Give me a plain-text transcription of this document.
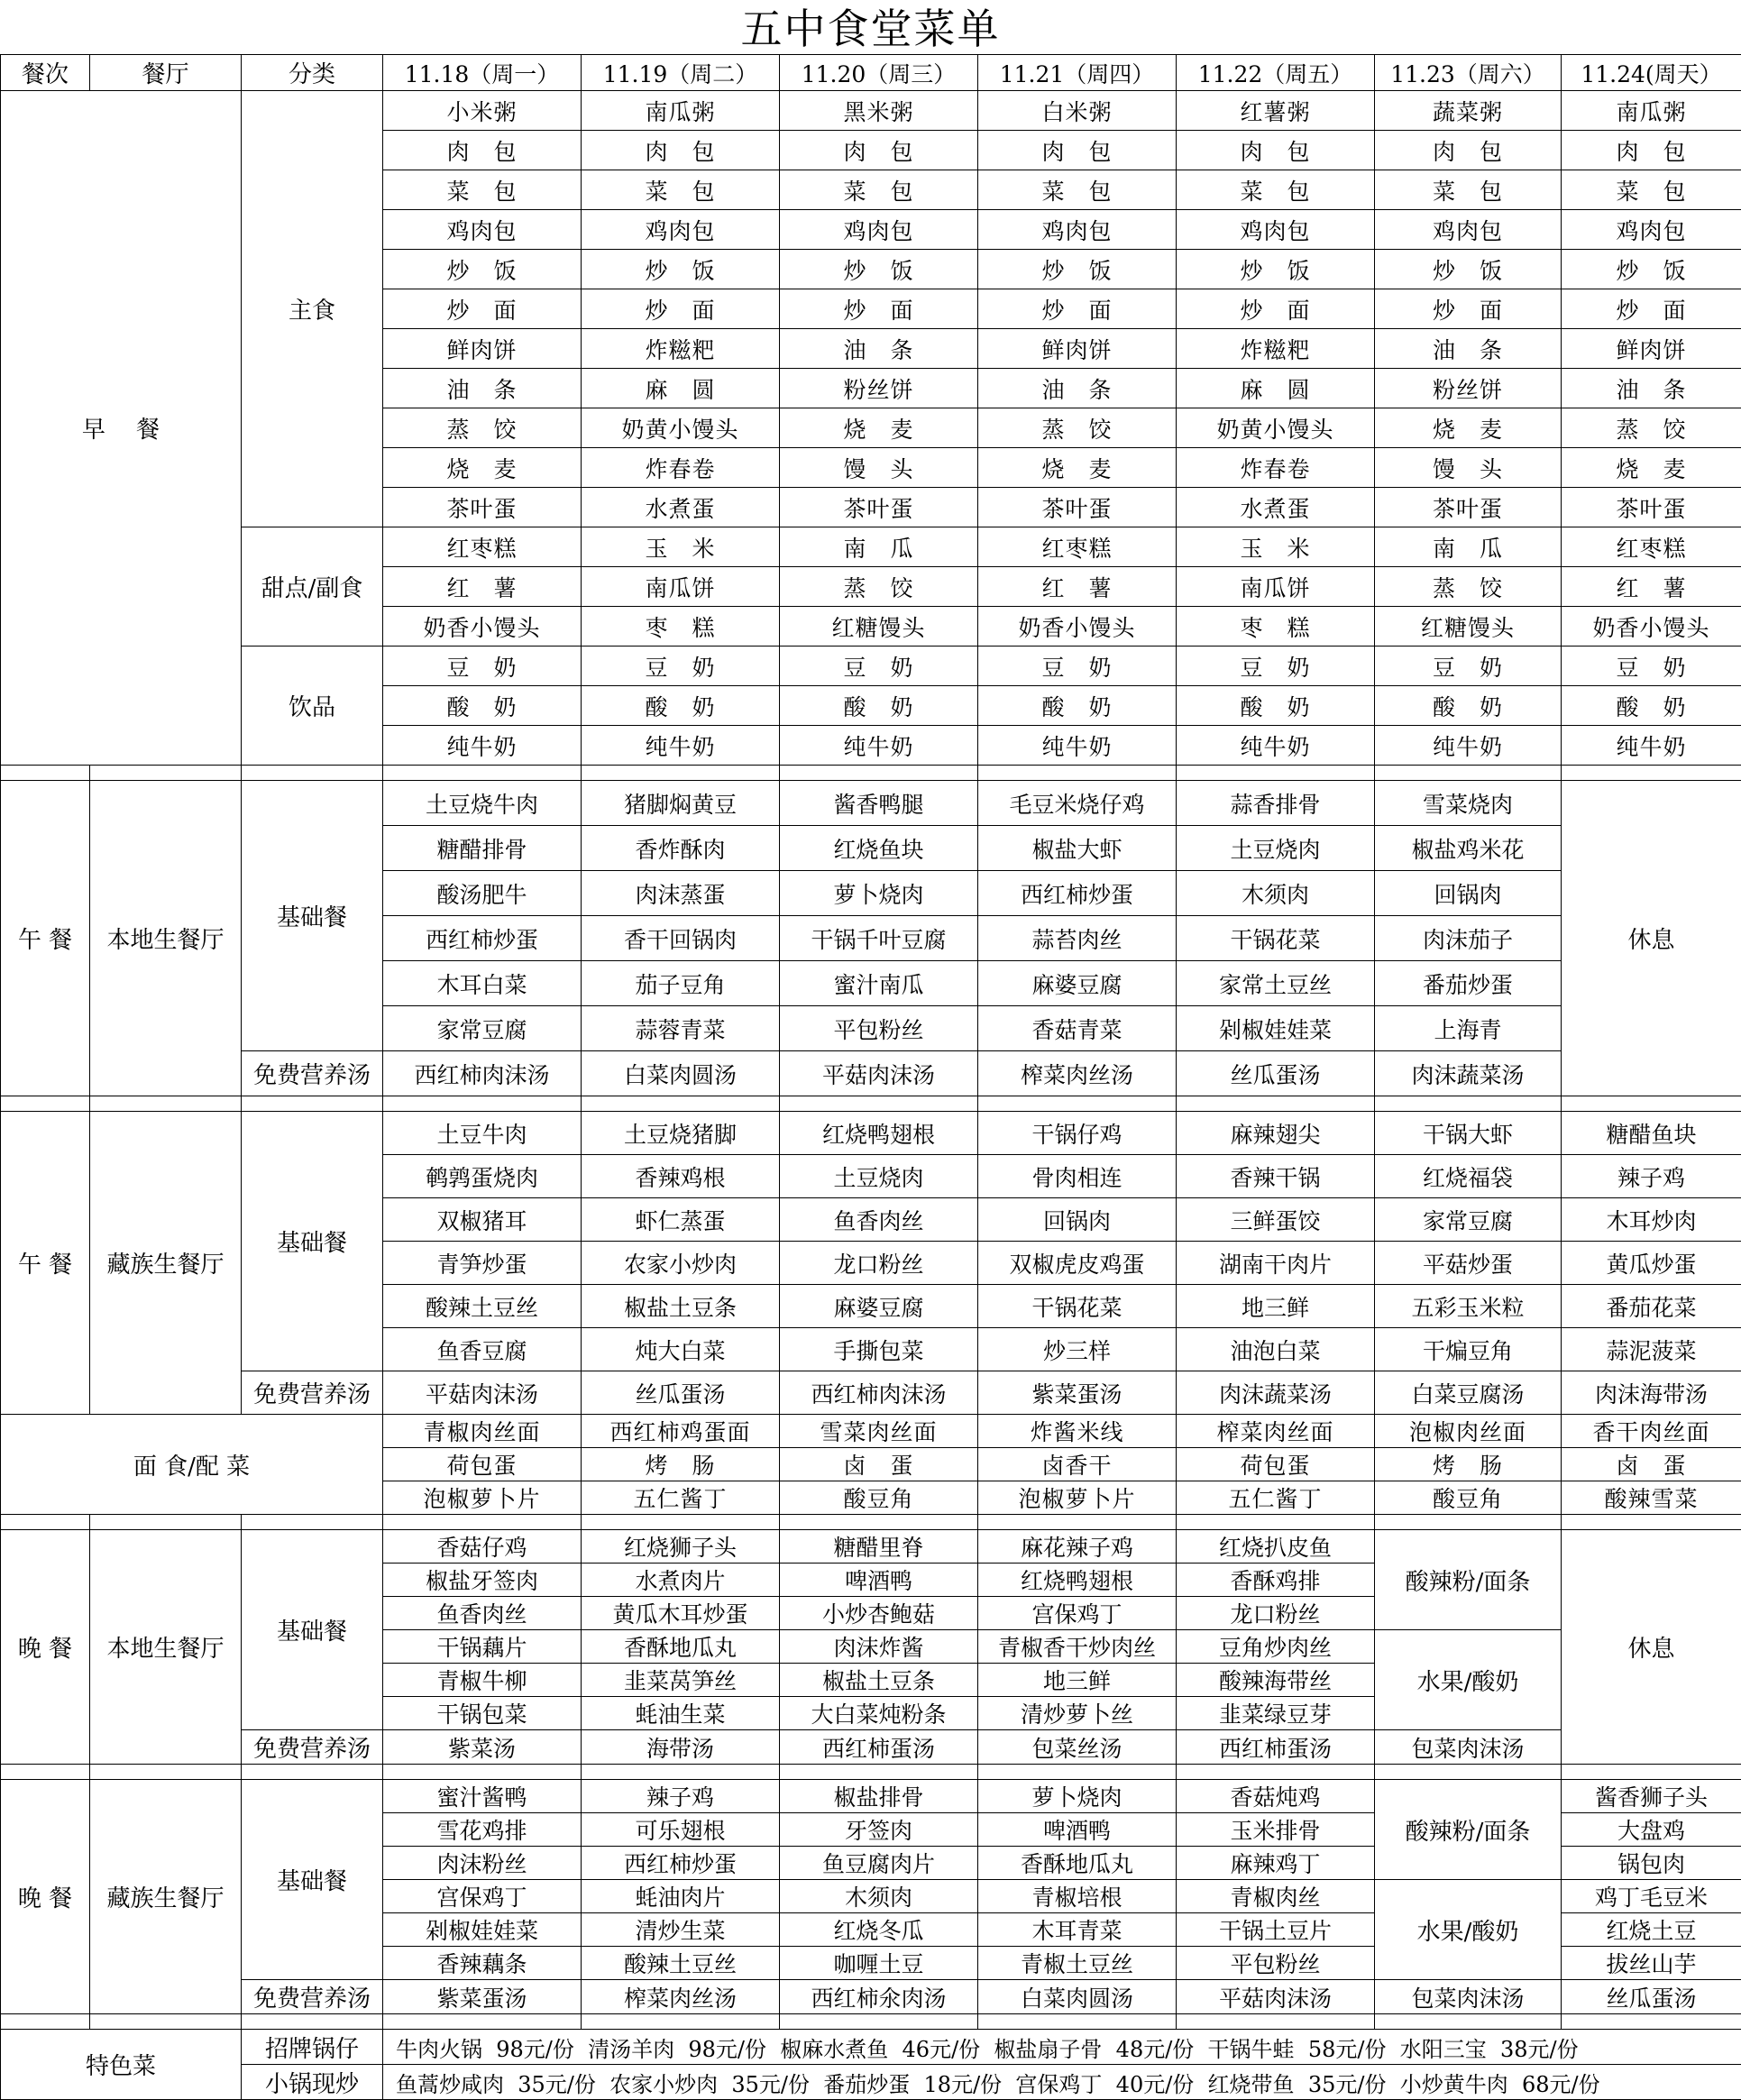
五中食堂菜单
餐次	餐厅	分类	11.18（周一）	11.19（周二）	11.20（周三）	11.21（周四）	11.22（周五）	11.23（周六）	11.24(周天）
早　 餐		主食	小米粥	南瓜粥	黑米粥	白米粥	红薯粥	蔬菜粥	南瓜粥
			肉　包	肉　包	肉　包	肉　包	肉　包	肉　包	肉　包
			菜　包	菜　包	菜　包	菜　包	菜　包	菜　包	菜　包
			鸡肉包	鸡肉包	鸡肉包	鸡肉包	鸡肉包	鸡肉包	鸡肉包
			炒　饭	炒　饭	炒　饭	炒　饭	炒　饭	炒　饭	炒　饭
			炒　面	炒　面	炒　面	炒　面	炒　面	炒　面	炒　面
			鲜肉饼	炸糍粑	油　条	鲜肉饼	炸糍粑	油　条	鲜肉饼
			油　条	麻　圆	粉丝饼	油　条	麻　圆	粉丝饼	油　条
			蒸　饺	奶黄小馒头	烧　麦	蒸　饺	奶黄小馒头	烧　麦	蒸　饺
			烧　麦	炸春卷	馒　头	烧　麦	炸春卷	馒　头	烧　麦
			茶叶蛋	水煮蛋	茶叶蛋	茶叶蛋	水煮蛋	茶叶蛋	茶叶蛋
		甜点/副食	红枣糕	玉　米	南　瓜	红枣糕	玉　米	南　瓜	红枣糕
			红　薯	南瓜饼	蒸　饺	红　薯	南瓜饼	蒸　饺	红　薯
			奶香小馒头	枣　糕	红糖馒头	奶香小馒头	枣　糕	红糖馒头	奶香小馒头
		饮品	豆　奶	豆　奶	豆　奶	豆　奶	豆　奶	豆　奶	豆　奶
			酸　奶	酸　奶	酸　奶	酸　奶	酸　奶	酸　奶	酸　奶
			纯牛奶	纯牛奶	纯牛奶	纯牛奶	纯牛奶	纯牛奶	纯牛奶

午 餐	本地生餐厅	基础餐	土豆烧牛肉	猪脚焖黄豆	酱香鸭腿	毛豆米烧仔鸡	蒜香排骨	雪菜烧肉	休息
			糖醋排骨	香炸酥肉	红烧鱼块	椒盐大虾	土豆烧肉	椒盐鸡米花	
			酸汤肥牛	肉沫蒸蛋	萝卜烧肉	西红柿炒蛋	木须肉	回锅肉	
			西红柿炒蛋	香干回锅肉	干锅千叶豆腐	蒜苔肉丝	干锅花菜	肉沫茄子	
			木耳白菜	茄子豆角	蜜汁南瓜	麻婆豆腐	家常土豆丝	番茄炒蛋	
			家常豆腐	蒜蓉青菜	平包粉丝	香菇青菜	剁椒娃娃菜	上海青	
		免费营养汤	西红柿肉沫汤	白菜肉圆汤	平菇肉沫汤	榨菜肉丝汤	丝瓜蛋汤	肉沫蔬菜汤	

午 餐	藏族生餐厅	基础餐	土豆牛肉	土豆烧猪脚	红烧鸭翅根	干锅仔鸡	麻辣翅尖	干锅大虾	糖醋鱼块
			鹌鹑蛋烧肉	香辣鸡根	土豆烧肉	骨肉相连	香辣干锅	红烧福袋	辣子鸡
			双椒猪耳	虾仁蒸蛋	鱼香肉丝	回锅肉	三鲜蛋饺	家常豆腐	木耳炒肉
			青笋炒蛋	农家小炒肉	龙口粉丝	双椒虎皮鸡蛋	湖南干肉片	平菇炒蛋	黄瓜炒蛋
			酸辣土豆丝	椒盐土豆条	麻婆豆腐	干锅花菜	地三鲜	五彩玉米粒	番茄花菜
			鱼香豆腐	炖大白菜	手撕包菜	炒三样	油泡白菜	干煸豆角	蒜泥菠菜
		免费营养汤	平菇肉沫汤	丝瓜蛋汤	西红柿肉沫汤	紫菜蛋汤	肉沫蔬菜汤	白菜豆腐汤	肉沫海带汤
面 食/配 菜			青椒肉丝面	西红柿鸡蛋面	雪菜肉丝面	炸酱米线	榨菜肉丝面	泡椒肉丝面	香干肉丝面
			荷包蛋	烤　肠	卤　蛋	卤香干	荷包蛋	烤　肠	卤　蛋
			泡椒萝卜片	五仁酱丁	酸豆角	泡椒萝卜片	五仁酱丁	酸豆角	酸辣雪菜

晚 餐	本地生餐厅	基础餐	香菇仔鸡	红烧狮子头	糖醋里脊	麻花辣子鸡	红烧扒皮鱼	酸辣粉/面条	休息
			椒盐牙签肉	水煮肉片	啤酒鸭	红烧鸭翅根	香酥鸡排		
			鱼香肉丝	黄瓜木耳炒蛋	小炒杏鲍菇	宫保鸡丁	龙口粉丝		
			干锅藕片	香酥地瓜丸	肉沫炸酱	青椒香干炒肉丝	豆角炒肉丝	水果/酸奶	
			青椒牛柳	韭菜莴笋丝	椒盐土豆条	地三鲜	酸辣海带丝		
			干锅包菜	蚝油生菜	大白菜炖粉条	清炒萝卜丝	韭菜绿豆芽		
		免费营养汤	紫菜汤	海带汤	西红柿蛋汤	包菜丝汤	西红柿蛋汤	包菜肉沫汤	

晚 餐	藏族生餐厅	基础餐	蜜汁酱鸭	辣子鸡	椒盐排骨	萝卜烧肉	香菇炖鸡	酸辣粉/面条	酱香狮子头
			雪花鸡排	可乐翅根	牙签肉	啤酒鸭	玉米排骨		大盘鸡
			肉沫粉丝	西红柿炒蛋	鱼豆腐肉片	香酥地瓜丸	麻辣鸡丁		锅包肉
			宫保鸡丁	蚝油肉片	木须肉	青椒培根	青椒肉丝	水果/酸奶	鸡丁毛豆米
			剁椒娃娃菜	清炒生菜	红烧冬瓜	木耳青菜	干锅土豆片		红烧土豆
			香辣藕条	酸辣土豆丝	咖喱土豆	青椒土豆丝	平包粉丝		拔丝山芋
		免费营养汤	紫菜蛋汤	榨菜肉丝汤	西红柿氽肉汤	白菜肉圆汤	平菇肉沫汤	包菜肉沫汤	丝瓜蛋汤

特色菜		招牌锅仔	牛肉火锅  98元/份  清汤羊肉  98元/份  椒麻水煮鱼  46元/份  椒盐扇子骨  48元/份  干锅牛蛙  58元/份  水阳三宝  38元/份						
		小锅现炒	鱼蒿炒咸肉  35元/份  农家小炒肉  35元/份  番茄炒蛋  18元/份  宫保鸡丁  40元/份  红烧带鱼  35元/份  小炒黄牛肉  68元/份						
